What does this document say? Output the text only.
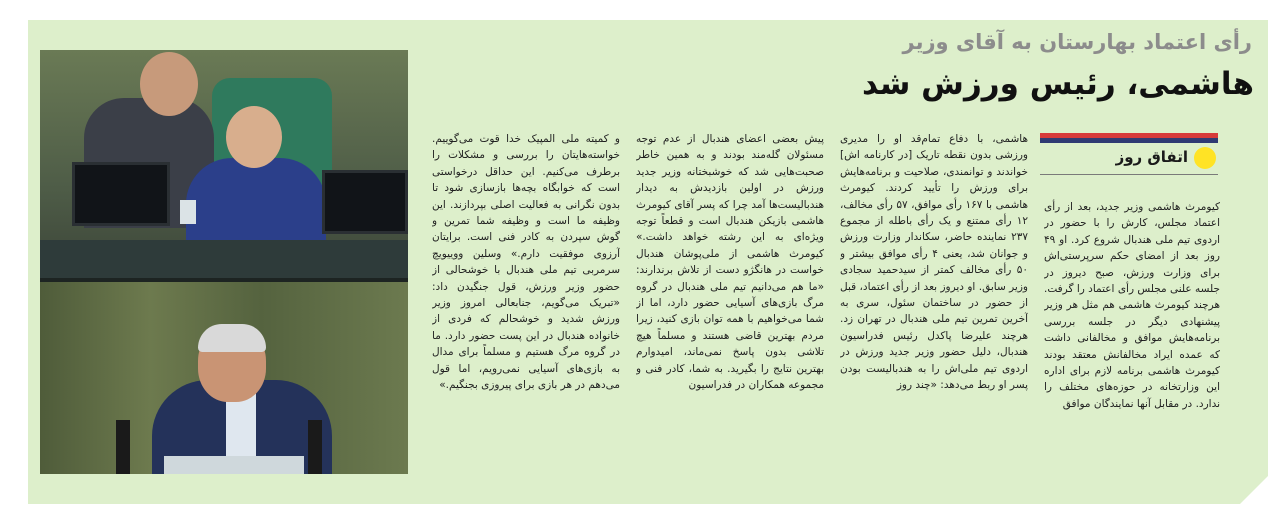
رأی اعتماد بهارستان به آقای وزیر
هاشمی، رئیس ورزش شد
اتفاق روز
کیومرث هاشمی وزیر جدید، بعد از رأی اعتماد مجلس، کارش را با حضور در اردوی تیم ملی هندبال شروع کرد. او ۴۹ روز بعد از امضای حکم سرپرستی‌اش برای وزارت ورزش، صبح دیروز در جلسه علنی مجلس رأی اعتماد را گرفت. هرچند کیومرث هاشمی هم مثل هر وزیر پیشنهادی دیگر در جلسه بررسی برنامه‌هایش موافق و مخالفانی داشت که عمده ایراد مخالفانش معتقد بودند کیومرث هاشمی برنامه لازم برای اداره این وزارتخانه در حوزه‌های مختلف را ندارد. در مقابل آنها نمایندگان موافق
هاشمی، با دفاع تمام‌قد او را مدیری ورزشی بدون نقطه تاریک [در کارنامه اش] خواندند و توانمندی، صلاحیت و برنامه‌هایش برای ورزش را تأیید کردند. کیومرث هاشمی با ۱۶۷ رأی موافق، ۵۷ رأی مخالف، ۱۲ رأی ممتنع و یک رأی باطله از مجموع ۲۳۷ نماینده حاضر، سکاندار وزارت ورزش و جوانان شد، یعنی ۴ رأی موافق بیشتر و ۵۰ رأی مخالف کمتر از سیدحمید سجادی وزیر سابق. او دیروز بعد از رأی اعتماد، قبل از حضور در ساختمان سئول، سری به آخرین تمرین تیم ملی هندبال در تهران زد. هرچند علیرضا پاکدل رئیس فدراسیون هندبال، دلیل حضور وزیر جدید ورزش در اردوی تیم ملی‌اش را به هندبالیست بودن پسر او ربط می‌دهد: «چند روز
پیش بعضی اعضای هندبال از عدم توجه مسئولان گله‌مند بودند و به همین خاطر صحبت‌هایی شد که خوشبختانه وزیر جدید ورزش در اولین بازدیدش به دیدار هندبالیست‌ها آمد چرا که پسر آقای کیومرث هاشمی بازیکن هندبال است و قطعاً توجه ویژه‌ای به این رشته خواهد داشت.» کیومرث هاشمی از ملی‌پوشان هندبال خواست در هانگژو دست از تلاش برندارند: «ما هم می‌دانیم تیم ملی هندبال در گروه مرگ بازی‌های آسیایی حضور دارد، اما از شما می‌خواهیم با همه توان بازی کنید، زیرا مردم بهترین قاضی هستند و مسلماً هیچ تلاشی بدون پاسخ نمی‌ماند، امیدوارم بهترین نتایج را بگیرید. به شما، کادر فنی و مجموعه همکاران در فدراسیون
و کمیته ملی المپیک خدا قوت می‌گوییم. خواسته‌هایتان را بررسی و مشکلات را برطرف می‌کنیم. این حداقل درخواستی است که خوابگاه بچه‌ها بازسازی شود تا بدون نگرانی به فعالیت اصلی بپردازند. این وظیفه ما است و وظیفه شما تمرین و گوش سپردن به کادر فنی است. برایتان آرزوی موفقیت دارم.» وسلین ووییویچ سرمربی تیم ملی هندبال با خوشحالی از حضور وزیر ورزش، قول جنگیدن داد: «تبریک می‌گویم، جنابعالی امروز وزیر ورزش شدید و خوشحالم که فردی از خانواده هندبال در این پست حضور دارد. ما در گروه مرگ هستیم و مسلماً برای مدال به بازی‌های آسیایی نمی‌رویم، اما قول می‌دهم در هر بازی برای پیروزی بجنگیم.»
